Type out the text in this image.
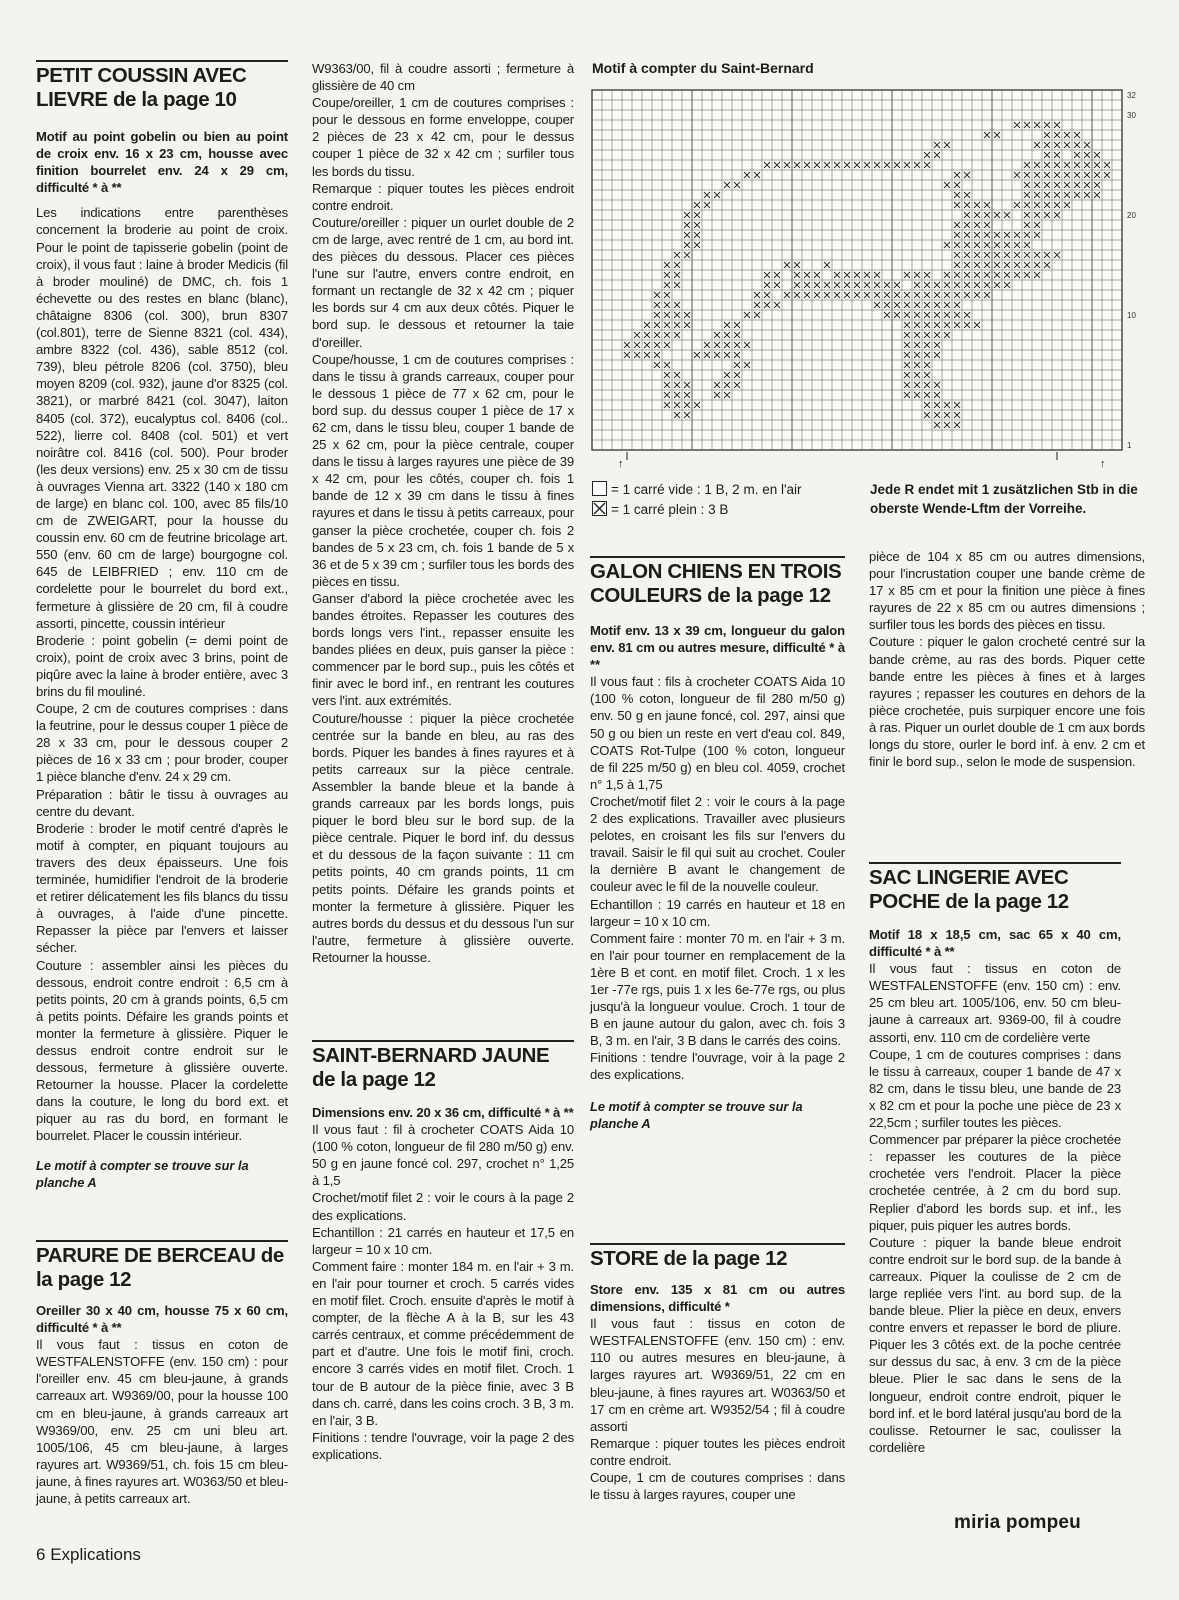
PETIT COUSSIN AVEC
LIEVRE de la page 10

Motif au point gobelin ou bien au point de croix env. 16 x 23 cm, housse avec finition bourrelet env. 24 x 29 cm, difficulté * à **

Les indications entre parenthèses concernent la broderie au point de croix. Pour le point de tapisserie gobelin (point de croix), il vous faut : laine à broder Medicis (fil à broder mouliné) de DMC, ch. fois 1 échevette ou des restes en blanc (blanc), châtaigne 8306 (col. 300), brun 8307 (col.801), terre de Sienne 8321 (col. 434), ambre 8322 (col. 436), sable 8512 (col. 739), bleu pétrole 8206 (col. 3750), bleu moyen 8209 (col. 932), jaune d'or 8325 (col. 3821), or marbré 8421 (col. 3047), laiton 8405 (col. 372), eucalyptus col. 8406 (col.. 522), lierre col. 8408 (col. 501) et vert noirâtre col. 8416 (col. 500). Pour broder (les deux versions) env. 25 x 30 cm de tissu à ouvrages Vienna art. 3322 (140 x 180 cm de large) en blanc col. 100, avec 85 fils/10 cm de ZWEIGART, pour la housse du coussin env. 60 cm de feutrine bricolage art. 550 (env. 60 cm de large) bourgogne col. 645 de LEIBFRIED ; env. 110 cm de cordelette pour le bourrelet du bord ext., fermeture à glissière de 20 cm, fil à coudre assorti, pincette, coussin intérieur

Broderie : point gobelin (= demi point de croix), point de croix avec 3 brins, point de piqûre avec la laine à broder entière, avec 3 brins du fil mouliné.

Coupe, 2 cm de coutures comprises : dans la feutrine, pour le dessus couper 1 pièce de 28 x 33 cm, pour le dessous couper 2 pièces de 16 x 33 cm ; pour broder, couper 1 pièce blanche d'env. 24 x 29 cm.

Préparation : bâtir le tissu à ouvrages au centre du devant.

Broderie : broder le motif centré d'après le motif à compter, en piquant toujours au travers des deux épaisseurs. Une fois terminée, humidifier l'endroit de la broderie et retirer délicatement les fils blancs du tissu à ouvrages, à l'aide d'une pincette. Repasser la pièce par l'envers et laisser sécher.

Couture : assembler ainsi les pièces du dessous, endroit contre endroit : 6,5 cm à petits points, 20 cm à grands points, 6,5 cm à petits points. Défaire les grands points et monter la fermeture à glissière. Piquer le dessus endroit contre endroit sur le dessous, fermeture à glissière ouverte. Retourner la housse. Placer la cordelette dans la couture, le long du bord ext. et piquer au ras du bord, en formant le bourrelet. Placer le coussin intérieur.

Le motif à compter se trouve sur la planche A

PARURE DE BERCEAU de
la page 12

Oreiller 30 x 40 cm, housse 75 x 60 cm, difficulté * à **

Il vous faut : tissus en coton de WESTFALENSTOFFE (env. 150 cm) : pour l'oreiller env. 45 cm bleu-jaune, à grands carreaux art. W9369/00, pour la housse 100 cm en bleu-jaune, à grands carreaux art W9369/00, env. 25 cm uni bleu art. 1005/106, 45 cm bleu-jaune, à larges rayures art. W9369/51, ch. fois 15 cm bleu-jaune, à fines rayures art. W0363/50 et bleu-jaune, à petits carreaux art.

W9363/00, fil à coudre assorti ; fermeture à glissière de 40 cm

Coupe/oreiller, 1 cm de coutures comprises : pour le dessous en forme enveloppe, couper 2 pièces de 23 x 42 cm, pour le dessus couper 1 pièce de 32 x 42 cm ; surfiler tous les bords du tissu.

Remarque : piquer toutes les pièces endroit contre endroit.

Couture/oreiller : piquer un ourlet double de 2 cm de large, avec rentré de 1 cm, au bord int. des pièces du dessous. Placer ces pièces l'une sur l'autre, envers contre endroit, en formant un rectangle de 32 x 42 cm ; piquer les bords sur 4 cm aux deux côtés. Piquer le bord sup. le dessous et retourner la taie d'oreiller.

Coupe/housse, 1 cm de coutures comprises : dans le tissu à grands carreaux, couper pour le dessous 1 pièce de 77 x 62 cm, pour le bord sup. du dessus couper 1 pièce de 17 x 62 cm, dans le tissu bleu, couper 1 bande de 25 x 62 cm, pour la pièce centrale, couper dans le tissu à larges rayures une pièce de 39 x 42 cm, pour les côtés, couper ch. fois 1 bande de 12 x 39 cm dans le tissu à fines rayures et dans le tissu à petits carreaux, pour ganser la pièce crochetée, couper ch. fois 2 bandes de 5 x 23 cm, ch. fois 1 bande de 5 x 36 et de 5 x 39 cm ; surfiler tous les bords des pièces en tissu.

Ganser d'abord la pièce crochetée avec les bandes étroites. Repasser les coutures des bords longs vers l'int., repasser ensuite les bandes pliées en deux, puis ganser la pièce : commencer par le bord sup., puis les côtés et finir avec le bord inf., en rentrant les coutures vers l'int. aux extrémités.

Couture/housse : piquer la pièce crochetée centrée sur la bande en bleu, au ras des bords. Piquer les bandes à fines rayures et à petits carreaux sur la pièce centrale. Assembler la bande bleue et la bande à grands carreaux par les bords longs, puis piquer le bord bleu sur le bord sup. de la pièce centrale. Piquer le bord inf. du dessus et du dessous de la façon suivante : 11 cm petits points, 40 cm grands points, 11 cm petits points. Défaire les grands points et monter la fermeture à glissière. Piquer les autres bords du dessus et du dessous l'un sur l'autre, fermeture à glissière ouverte. Retourner la housse.

SAINT-BERNARD JAUNE
de la page 12

Dimensions env. 20 x 36 cm, difficulté * à **

Il vous faut : fil à crocheter COATS Aida 10 (100 % coton, longueur de fil 280 m/50 g) env. 50 g en jaune foncé col. 297, crochet n° 1,25 à 1,5

Crochet/motif filet 2 : voir le cours à la page 2 des explications.

Echantillon : 21 carrés en hauteur et 17,5 en largeur = 10 x 10 cm.

Comment faire : monter 184 m. en l'air + 3 m. en l'air pour tourner et croch. 5 carrés vides en motif filet. Croch. ensuite d'après le motif à compter, de la flèche A à la B, sur les 43 carrés centraux, et comme précédemment de part et d'autre. Une fois le motif fini, croch. encore 3 carrés vides en motif filet. Croch. 1 tour de B autour de la pièce finie, avec 3 B dans ch. carré, dans les coins croch. 3 B, 3 m. en l'air, 3 B.

Finitions : tendre l'ouvrage, voir la page 2 des explications.

Motif à compter du Saint-Bernard
32
30
20
10
1
= 1 carré vide : 1 B, 2 m. en l'air
= 1 carré plein : 3 B
Jede R endet mit 1 zusätzlichen Stb in die oberste Wende-Lftm der Vorreihe.
GALON CHIENS EN TROIS
COULEURS de la page 12

Motif env. 13 x 39 cm, longueur du galon env. 81 cm ou autres mesure, difficulté * à **

Il vous faut : fils à crocheter COATS Aida 10 (100 % coton, longueur de fil 280 m/50 g) env. 50 g en jaune foncé, col. 297, ainsi que 50 g ou bien un reste en vert d'eau col. 849, COATS Rot-Tulpe (100 % coton, longueur de fil 225 m/50 g) en bleu col. 4059, crochet n° 1,5 à 1,75

Crochet/motif filet 2 : voir le cours à la page 2 des explications. Travailler avec plusieurs pelotes, en croisant les fils sur l'envers du travail. Saisir le fil qui suit au crochet. Couler la dernière B avant le changement de couleur avec le fil de la nouvelle couleur.

Echantillon : 19 carrés en hauteur et 18 en largeur = 10 x 10 cm.

Comment faire : monter 70 m. en l'air + 3 m. en l'air pour tourner en remplacement de la 1ère B et cont. en motif filet. Croch. 1 x les 1er -77e rgs, puis 1 x les 6e-77e rgs, ou plus jusqu'à la longueur voulue. Croch. 1 tour de B en jaune autour du galon, avec ch. fois 3 B, 3 m. en l'air, 3 B dans le carrés des coins.

Finitions : tendre l'ouvrage, voir à la page 2 des explications.

Le motif à compter se trouve sur la planche A

STORE de la page 12

Store env. 135 x 81 cm ou autres dimensions, difficulté *

Il vous faut : tissus en coton de WESTFALENSTOFFE (env. 150 cm) : env. 110 ou autres mesures en bleu-jaune, à larges rayures art. W9369/51, 22 cm en bleu-jaune, à fines rayures art. W0363/50 et 17 cm en crème art. W9352/54 ; fil à coudre assorti

Remarque : piquer toutes les pièces endroit contre endroit.

Coupe, 1 cm de coutures comprises : dans le tissu à larges rayures, couper une

pièce de 104 x 85 cm ou autres dimensions, pour l'incrustation couper une bande crème de 17 x 85 cm et pour la finition une pièce à fines rayures de 22 x 85 cm ou autres dimensions ; surfiler tous les bords des pièces en tissu.

Couture : piquer le galon crocheté centré sur la bande crème, au ras des bords. Piquer cette bande entre les pièces à fines et à larges rayures ; repasser les coutures en dehors de la pièce crochetée, puis surpiquer encore une fois à ras. Piquer un ourlet double de 1 cm aux bords longs du store, ourler le bord inf. à env. 2 cm et finir le bord sup., selon le mode de suspension.

SAC LINGERIE AVEC
POCHE de la page 12

Motif 18 x 18,5 cm, sac 65 x 40 cm, difficulté * à **

Il vous faut : tissus en coton de WESTFALENSTOFFE (env. 150 cm) : env. 25 cm bleu art. 1005/106, env. 50 cm bleu-jaune à carreaux art. 9369-00, fil à coudre assorti, env. 110 cm de cordelière verte

Coupe, 1 cm de coutures comprises : dans le tissu à carreaux, couper 1 bande de 47 x 82 cm, dans le tissu bleu, une bande de 23 x 82 cm et pour la poche une pièce de 23 x 22,5cm ; surfiler toutes les pièces.

Commencer par préparer la pièce crochetée : repasser les coutures de la pièce crochetée vers l'endroit. Placer la pièce crochetée centrée, à 2 cm du bord sup. Replier d'abord les bords sup. et inf., les piquer, puis piquer les autres bords.

Couture : piquer la bande bleue endroit contre endroit sur le bord sup. de la bande à carreaux. Piquer la coulisse de 2 cm de large repliée vers l'int. au bord sup. de la bande bleue. Plier la pièce en deux, envers contre envers et repasser le bord de pliure. Piquer les 3 côtés ext. de la poche centrée sur dessus du sac, à env. 3 cm de la pièce bleue. Plier le sac dans le sens de la longueur, endroit contre endroit, piquer le bord inf. et le bord latéral jusqu'au bord de la coulisse. Retourner le sac, coulisser la cordelière

miria pompeu
6 Explications
↑	↑
